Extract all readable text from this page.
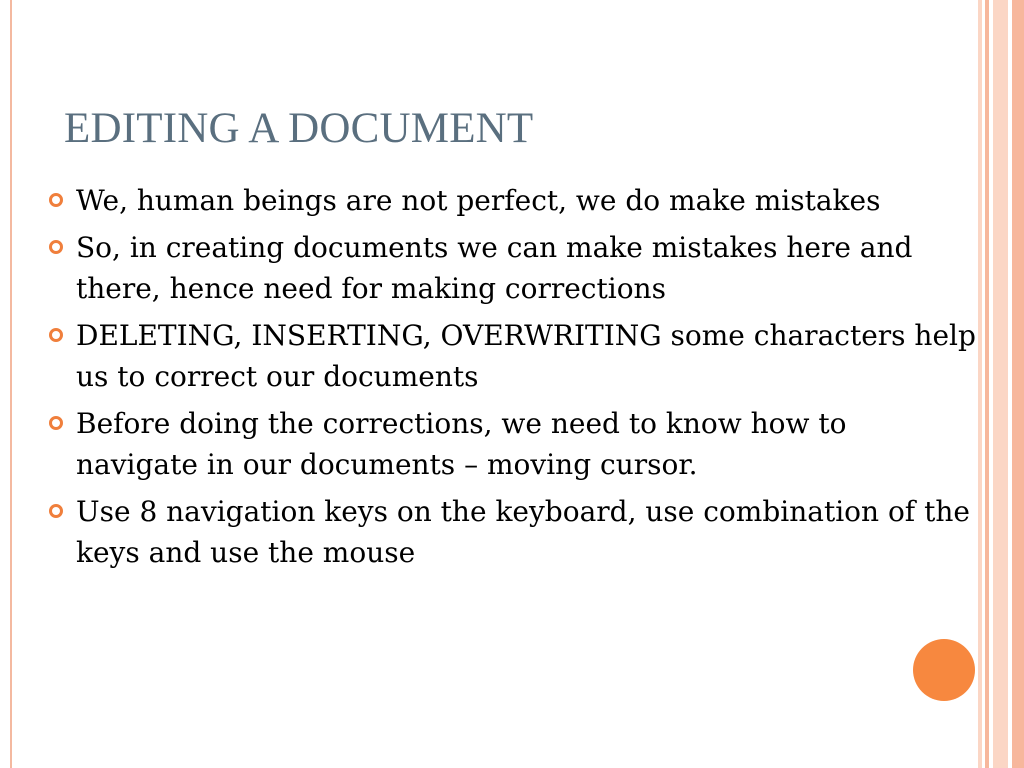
EDITING A DOCUMENT
We, human beings are not perfect, we do make mistakes
So, in creating documents we can make mistakes here and there, hence need for making corrections
DELETING, INSERTING, OVERWRITING some characters help us to correct our documents
Before doing the corrections, we need to know how to navigate in our documents – moving cursor.
Use 8 navigation keys on the keyboard, use combination of the keys and use the mouse
